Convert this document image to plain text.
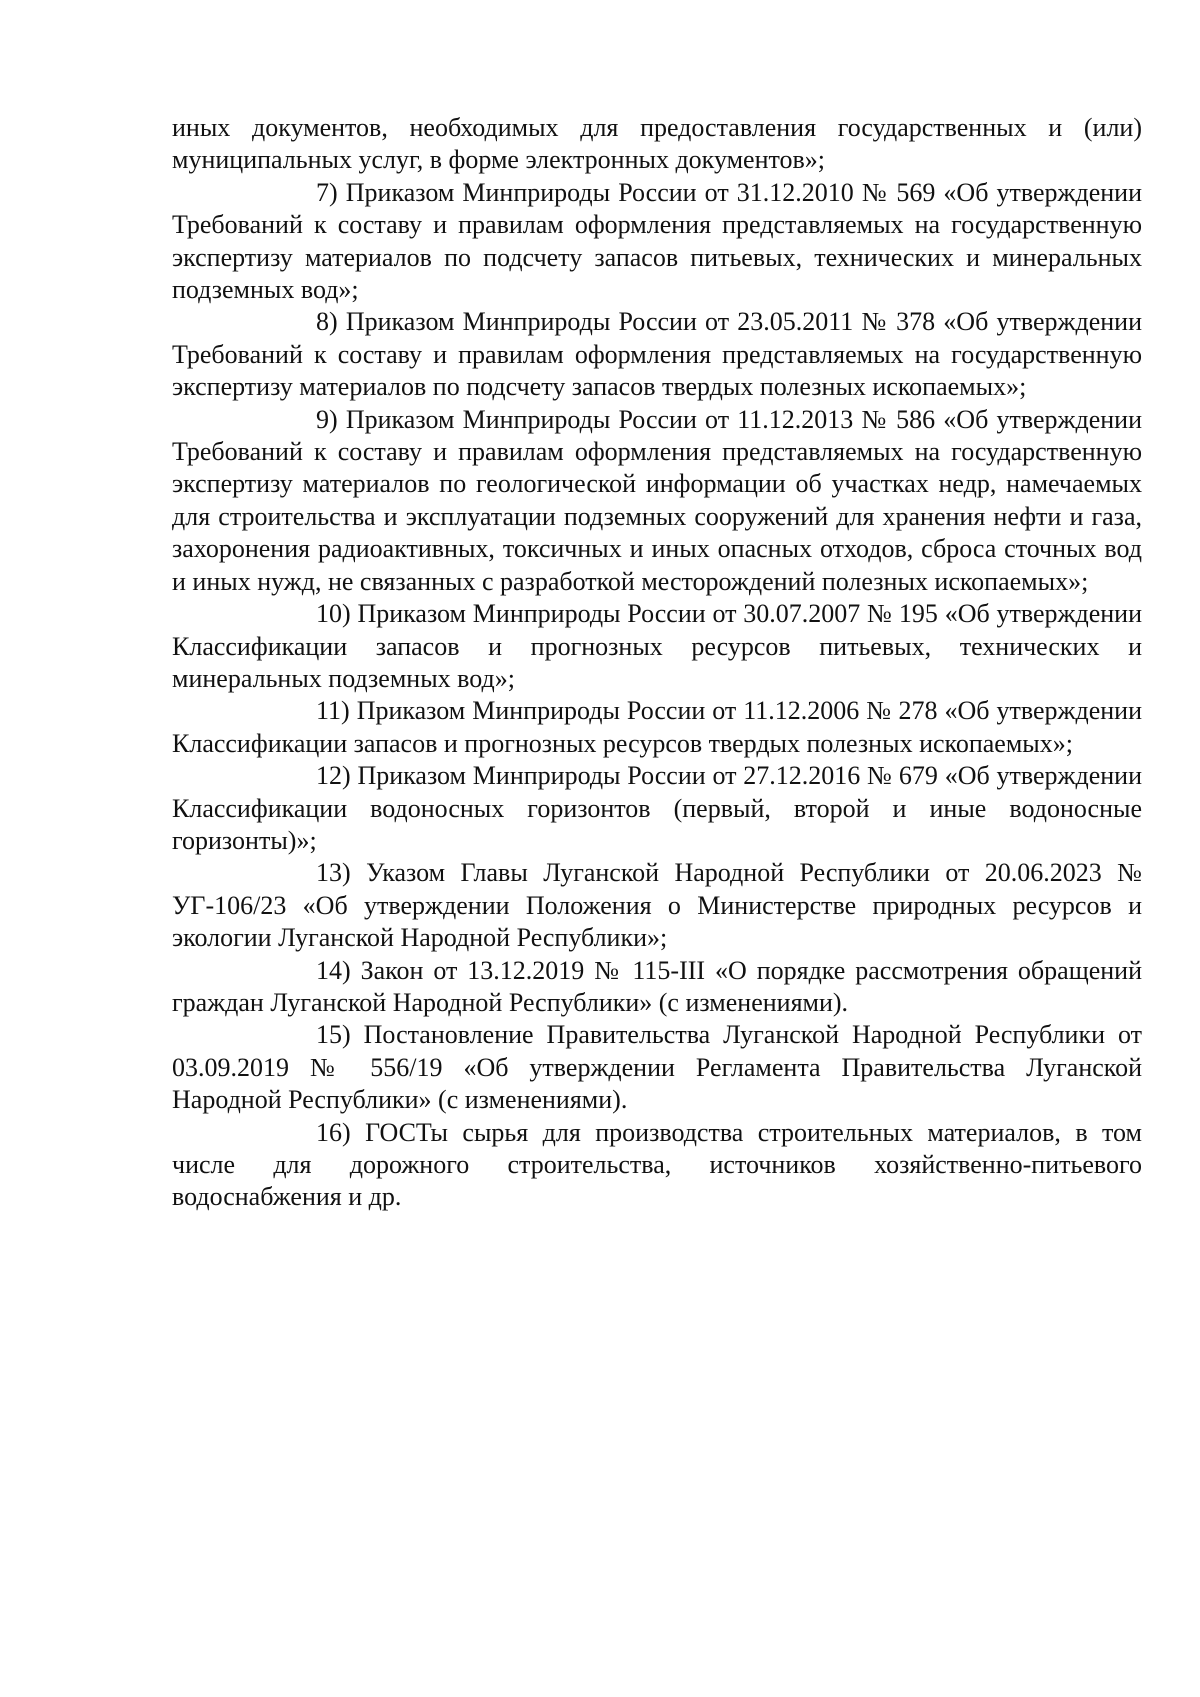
иных документов, необходимых для предоставления государственных и (или) муниципальных услуг, в форме электронных документов»;

7) Приказом Минприроды России от 31.12.2010 № 569 «Об утверждении Требований к составу и правилам оформления представляемых на государственную экспертизу материалов по подсчету запасов питьевых, технических и минеральных подземных вод»;

8) Приказом Минприроды России от 23.05.2011 № 378 «Об утверждении Требований к составу и правилам оформления представляемых на государственную экспертизу материалов по подсчету запасов твердых полезных ископаемых»;

9) Приказом Минприроды России от 11.12.2013 № 586 «Об утверждении Требований к составу и правилам оформления представляемых на государственную экспертизу материалов по геологической информации об участках недр, намечаемых для строительства и эксплуатации подземных сооружений для хранения нефти и газа, захоронения радиоактивных, токсичных и иных опасных отходов, сброса сточных вод и иных нужд, не связанных с разработкой месторождений полезных ископаемых»;

10) Приказом Минприроды России от 30.07.2007 № 195 «Об утверждении Классификации запасов и прогнозных ресурсов питьевых, технических и минеральных подземных вод»;

11) Приказом Минприроды России от 11.12.2006 № 278 «Об утверждении Классификации запасов и прогнозных ресурсов твердых полезных ископаемых»;

12) Приказом Минприроды России от 27.12.2016 № 679 «Об утверждении Классификации водоносных горизонтов (первый, второй и иные водоносные горизонты)»;

13) Указом Главы Луганской Народной Республики от 20.06.2023 № УГ-106/23 «Об утверждении Положения о Министерстве природных ресурсов и экологии Луганской Народной Республики»;

14) Закон от 13.12.2019 № 115-III «О порядке рассмотрения обращений граждан Луганской Народной Республики» (с изменениями).

15) Постановление Правительства Луганской Народной Республики от 03.09.2019 № 556/19 «Об утверждении Регламента Правительства Луганской Народной Республики» (с изменениями).

16) ГОСТы сырья для производства строительных материалов, в том числе для дорожного строительства, источников хозяйственно-питьевого водоснабжения и др.
